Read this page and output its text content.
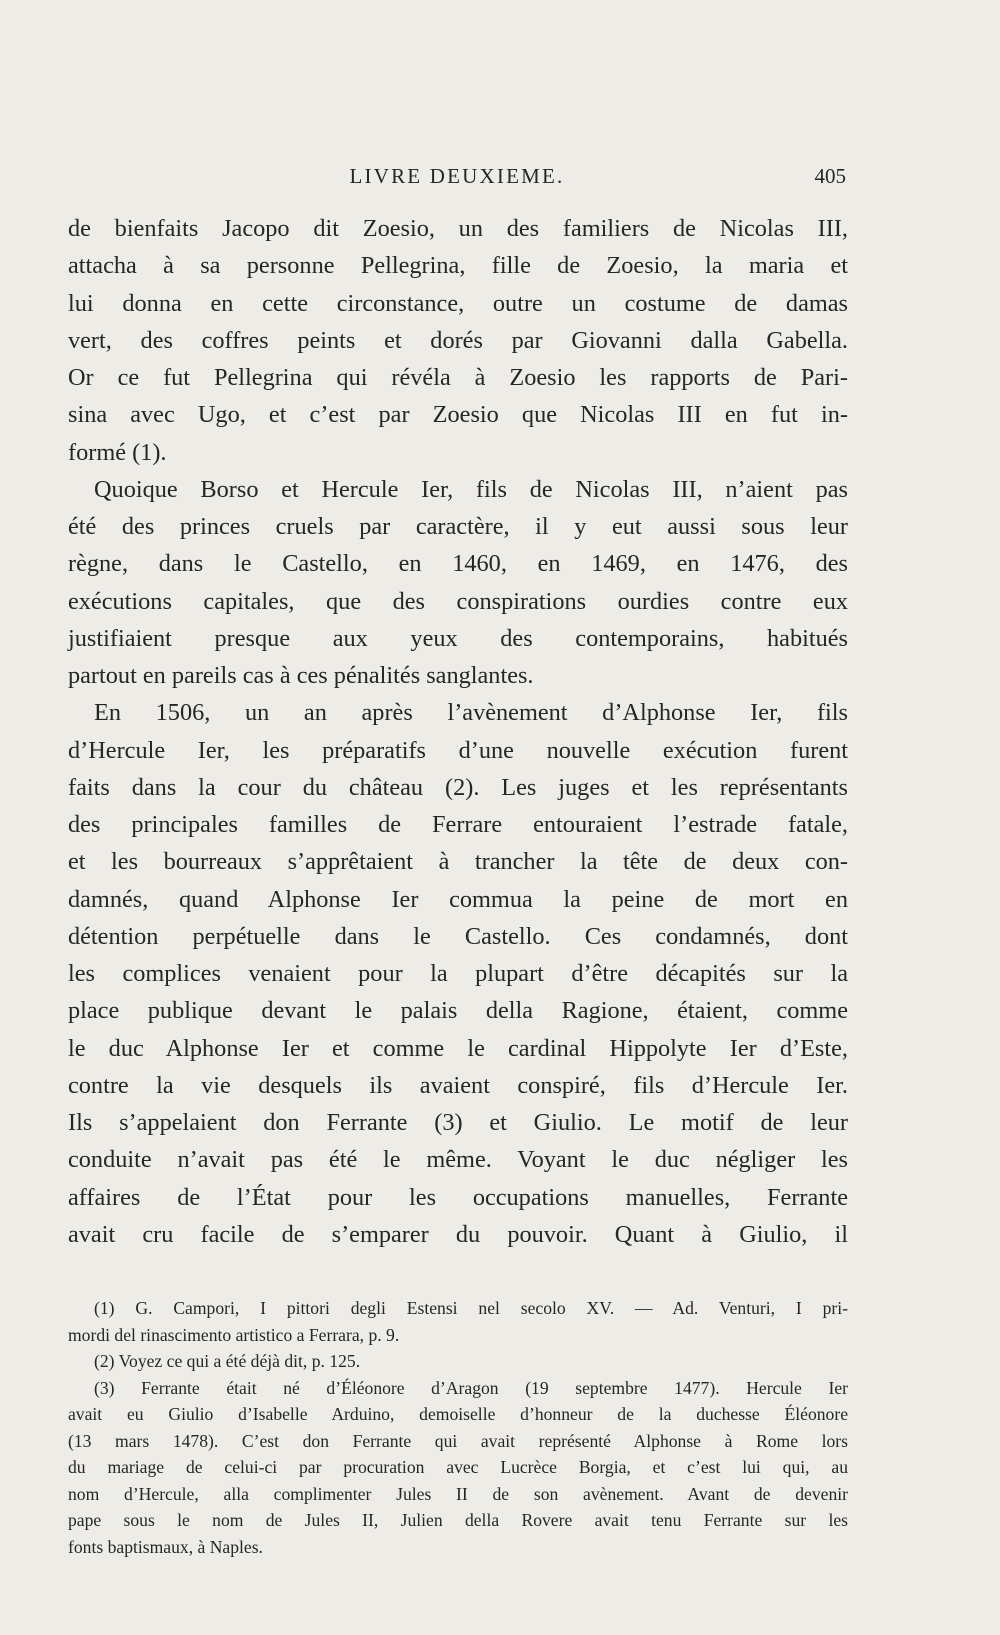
LIVRE DEUXIEME.	405
de bienfaits Jacopo dit Zoesio, un des familiers de Nicolas III,
attacha à sa personne Pellegrina, fille de Zoesio, la maria et
lui donna en cette circonstance, outre un costume de damas
vert, des coffres peints et dorés par Giovanni dalla Gabella.
Or ce fut Pellegrina qui révéla à Zoesio les rapports de Pari-
sina avec Ugo, et c’est par Zoesio que Nicolas III en fut in-
formé (1).
Quoique Borso et Hercule Ier, fils de Nicolas III, n’aient pas
été des princes cruels par caractère, il y eut aussi sous leur
règne, dans le Castello, en 1460, en 1469, en 1476, des
exécutions capitales, que des conspirations ourdies contre eux
justifiaient presque aux yeux des contemporains, habitués
partout en pareils cas à ces pénalités sanglantes.
En 1506, un an après l’avènement d’Alphonse Ier, fils
d’Hercule Ier, les préparatifs d’une nouvelle exécution furent
faits dans la cour du château (2). Les juges et les représentants
des principales familles de Ferrare entouraient l’estrade fatale,
et les bourreaux s’apprêtaient à trancher la tête de deux con-
damnés, quand Alphonse Ier commua la peine de mort en
détention perpétuelle dans le Castello. Ces condamnés, dont
les complices venaient pour la plupart d’être décapités sur la
place publique devant le palais della Ragione, étaient, comme
le duc Alphonse Ier et comme le cardinal Hippolyte Ier d’Este,
contre la vie desquels ils avaient conspiré, fils d’Hercule Ier.
Ils s’appelaient don Ferrante (3) et Giulio. Le motif de leur
conduite n’avait pas été le même. Voyant le duc négliger les
affaires de l’État pour les occupations manuelles, Ferrante
avait cru facile de s’emparer du pouvoir. Quant à Giulio, il
(1) G. Campori, I pittori degli Estensi nel secolo XV. — Ad. Venturi, I pri-
mordi del rinascimento artistico a Ferrara, p. 9.
(2) Voyez ce qui a été déjà dit, p. 125.
(3) Ferrante était né d’Éléonore d’Aragon (19 septembre 1477). Hercule Ier
avait eu Giulio d’Isabelle Arduino, demoiselle d’honneur de la duchesse Éléonore
(13 mars 1478). C’est don Ferrante qui avait représenté Alphonse à Rome lors
du mariage de celui-ci par procuration avec Lucrèce Borgia, et c’est lui qui, au
nom d’Hercule, alla complimenter Jules II de son avènement. Avant de devenir
pape sous le nom de Jules II, Julien della Rovere avait tenu Ferrante sur les
fonts baptismaux, à Naples.
